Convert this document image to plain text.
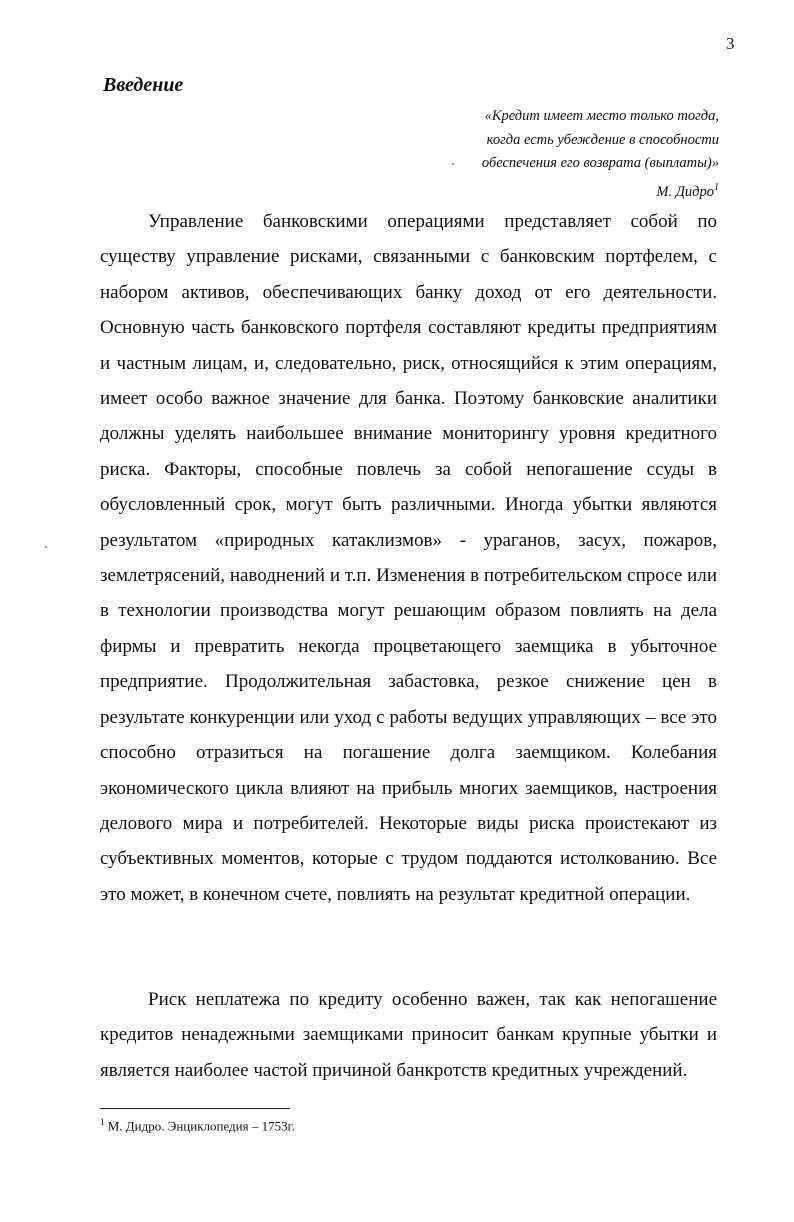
3
Введение
«Кредит имеет место только тогда,
когда есть убеждение в способности
обеспечения его возврата (выплаты)»
М. Дидро$^1$

Управление банковскими операциями представляет собой по существу управление рисками, связанными с банковским портфелем, с набором активов, обеспечивающих банку доход от его деятельности. Основную часть банковского портфеля составляют кредиты предприятиям и частным лицам, и, следовательно, риск, относящийся к этим операциям, имеет особо важное значение для банка. Поэтому банковские аналитики должны уделять наибольшее внимание мониторингу уровня кредитного риска. Факторы, способные повлечь за собой непогашение ссуды в обусловленный срок, могут быть различными. Иногда убытки являются результатом «природных катаклизмов» - ураганов, засух, пожаров, землетрясений, наводнений и т.п. Изменения в потребительском спросе или в технологии производства могут решающим образом повлиять на дела фирмы и превратить некогда процветающего заемщика в убыточное предприятие. Продолжительная забастовка, резкое снижение цен в результате конкуренции или уход с работы ведущих управляющих – все это способно отразиться на погашение долга заемщиком. Колебания экономического цикла влияют на прибыль многих заемщиков, настроения делового мира и потребителей. Некоторые виды риска проистекают из субъективных моментов, которые с трудом поддаются истолкованию. Все это может, в конечном счете, повлиять на результат кредитной операции.

Риск неплатежа по кредиту особенно важен, так как непогашение кредитов ненадежными заемщиками приносит банкам крупные убытки и является наиболее частой причиной банкротств кредитных учреждений.

$^1$ М. Дидро. Энциклопедия – 1753г.
